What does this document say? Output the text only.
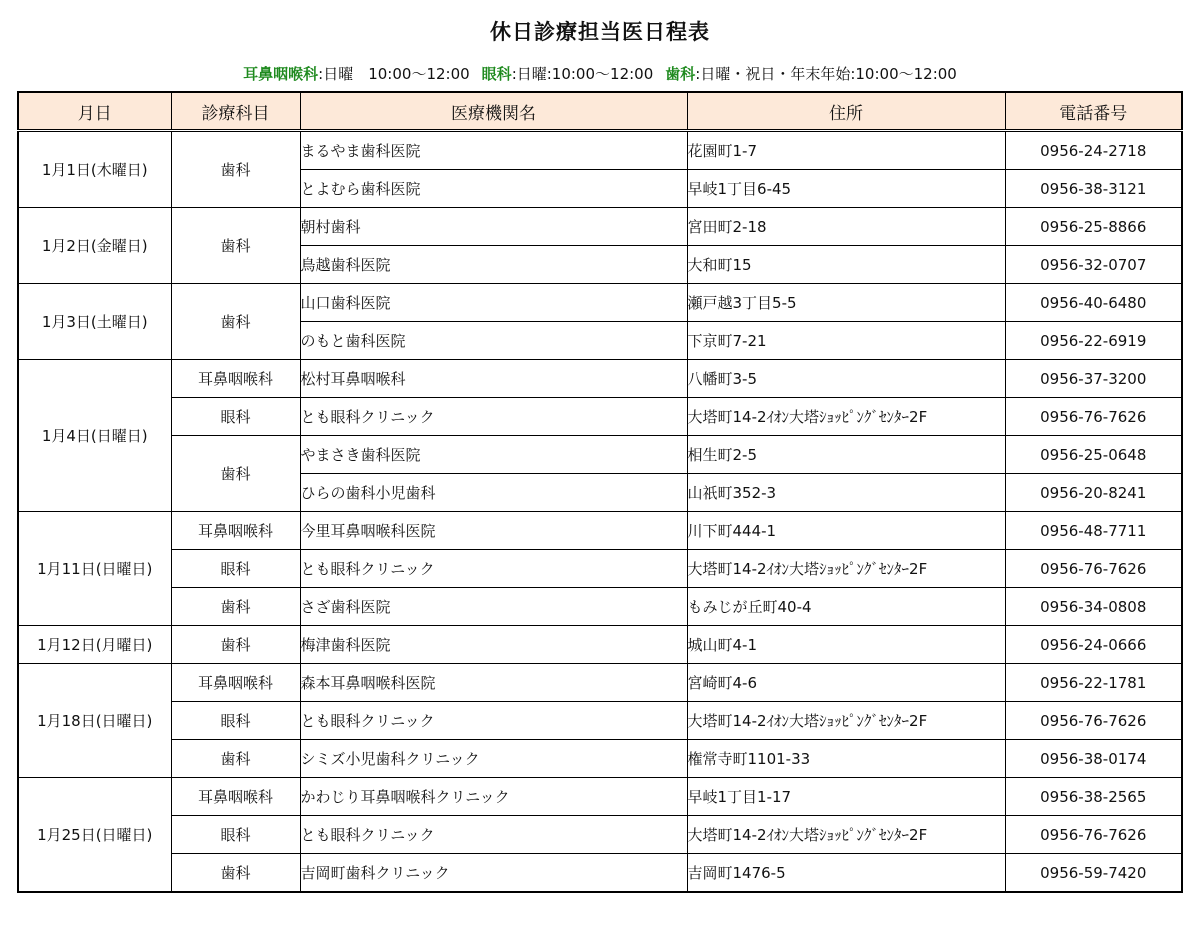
休日診療担当医日程表
耳鼻咽喉科:日曜　10:00～12:00 眼科:日曜:10:00～12:00 歯科:日曜・祝日・年末年始:10:00～12:00
月日	診療科目	医療機関名	住所	電話番号
1月1日(木曜日)	歯科	まるやま歯科医院	花園町1-7	0956-24-2718
		とよむら歯科医院	早岐1丁目6-45	0956-38-3121
1月2日(金曜日)	歯科	朝村歯科	宮田町2-18	0956-25-8866
		鳥越歯科医院	大和町15	0956-32-0707
1月3日(土曜日)	歯科	山口歯科医院	瀬戸越3丁目5-5	0956-40-6480
		のもと歯科医院	下京町7-21	0956-22-6919
1月4日(日曜日)	耳鼻咽喉科	松村耳鼻咽喉科	八幡町3-5	0956-37-3200
	眼科	とも眼科クリニック	大塔町14-2ｲｵﾝ大塔ｼｮｯﾋﾟﾝｸﾞｾﾝﾀｰ2F	0956-76-7626
	歯科	やまさき歯科医院	相生町2-5	0956-25-0648
		ひらの歯科小児歯科	山祇町352-3	0956-20-8241
1月11日(日曜日)	耳鼻咽喉科	今里耳鼻咽喉科医院	川下町444-1	0956-48-7711
	眼科	とも眼科クリニック	大塔町14-2ｲｵﾝ大塔ｼｮｯﾋﾟﾝｸﾞｾﾝﾀｰ2F	0956-76-7626
	歯科	さざ歯科医院	もみじが丘町40-4	0956-34-0808
1月12日(月曜日)	歯科	梅津歯科医院	城山町4-1	0956-24-0666
1月18日(日曜日)	耳鼻咽喉科	森本耳鼻咽喉科医院	宮崎町4-6	0956-22-1781
	眼科	とも眼科クリニック	大塔町14-2ｲｵﾝ大塔ｼｮｯﾋﾟﾝｸﾞｾﾝﾀｰ2F	0956-76-7626
	歯科	シミズ小児歯科クリニック	権常寺町1101-33	0956-38-0174
1月25日(日曜日)	耳鼻咽喉科	かわじり耳鼻咽喉科クリニック	早岐1丁目1-17	0956-38-2565
	眼科	とも眼科クリニック	大塔町14-2ｲｵﾝ大塔ｼｮｯﾋﾟﾝｸﾞｾﾝﾀｰ2F	0956-76-7626
	歯科	吉岡町歯科クリニック	吉岡町1476-5	0956-59-7420
